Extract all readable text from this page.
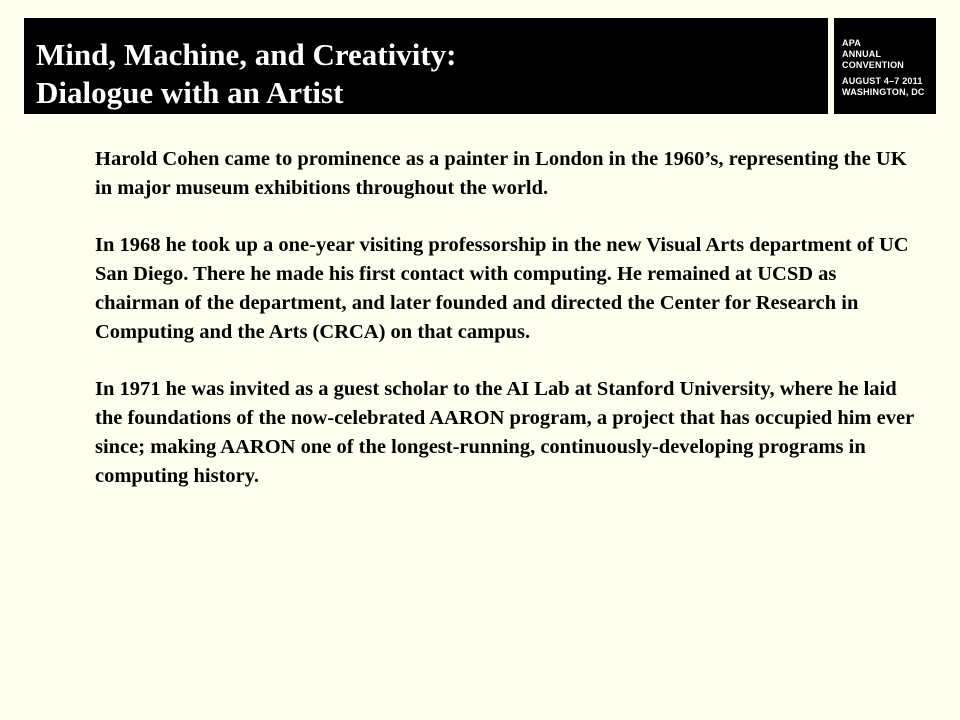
Mind, Machine, and Creativity:
Dialogue with an Artist
APA
ANNUAL
CONVENTION
AUGUST 4–7 2011
WASHINGTON, DC

Harold Cohen came to prominence as a painter in London in the 1960’s, representing the UK in major museum exhibitions throughout the world.

In 1968 he took up a one-year visiting professorship in the new Visual Arts department of UC San Diego. There he made his first contact with computing. He remained at UCSD as chairman of the department, and later founded and directed the Center for Research in Computing and the Arts (CRCA) on that campus.

In 1971 he was invited as a guest scholar to the AI Lab at Stanford University, where he laid the foundations of the now-celebrated AARON program, a project that has occupied him ever since; making AARON one of the longest-running, continuously-developing programs in computing history.
